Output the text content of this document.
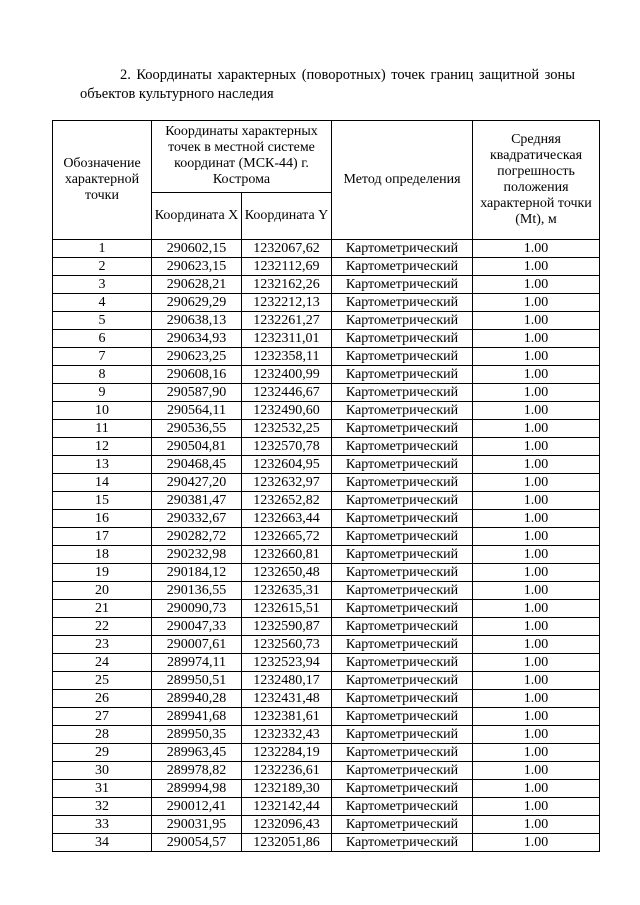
2. Координаты характерных (поворотных) точек границ защитной зоны объектов культурного наследия
Обозначение характерной точки	Координаты характерных точек в местной системе координат (МСК-44) г. Кострома		Метод определения	Средняя квадратическая погрешность положения характерной точки (Mt), м
	Координата X	Координата Y		
1	290602,15	1232067,62	Картометрический	1.00
2	290623,15	1232112,69	Картометрический	1.00
3	290628,21	1232162,26	Картометрический	1.00
4	290629,29	1232212,13	Картометрический	1.00
5	290638,13	1232261,27	Картометрический	1.00
6	290634,93	1232311,01	Картометрический	1.00
7	290623,25	1232358,11	Картометрический	1.00
8	290608,16	1232400,99	Картометрический	1.00
9	290587,90	1232446,67	Картометрический	1.00
10	290564,11	1232490,60	Картометрический	1.00
11	290536,55	1232532,25	Картометрический	1.00
12	290504,81	1232570,78	Картометрический	1.00
13	290468,45	1232604,95	Картометрический	1.00
14	290427,20	1232632,97	Картометрический	1.00
15	290381,47	1232652,82	Картометрический	1.00
16	290332,67	1232663,44	Картометрический	1.00
17	290282,72	1232665,72	Картометрический	1.00
18	290232,98	1232660,81	Картометрический	1.00
19	290184,12	1232650,48	Картометрический	1.00
20	290136,55	1232635,31	Картометрический	1.00
21	290090,73	1232615,51	Картометрический	1.00
22	290047,33	1232590,87	Картометрический	1.00
23	290007,61	1232560,73	Картометрический	1.00
24	289974,11	1232523,94	Картометрический	1.00
25	289950,51	1232480,17	Картометрический	1.00
26	289940,28	1232431,48	Картометрический	1.00
27	289941,68	1232381,61	Картометрический	1.00
28	289950,35	1232332,43	Картометрический	1.00
29	289963,45	1232284,19	Картометрический	1.00
30	289978,82	1232236,61	Картометрический	1.00
31	289994,98	1232189,30	Картометрический	1.00
32	290012,41	1232142,44	Картометрический	1.00
33	290031,95	1232096,43	Картометрический	1.00
34	290054,57	1232051,86	Картометрический	1.00
